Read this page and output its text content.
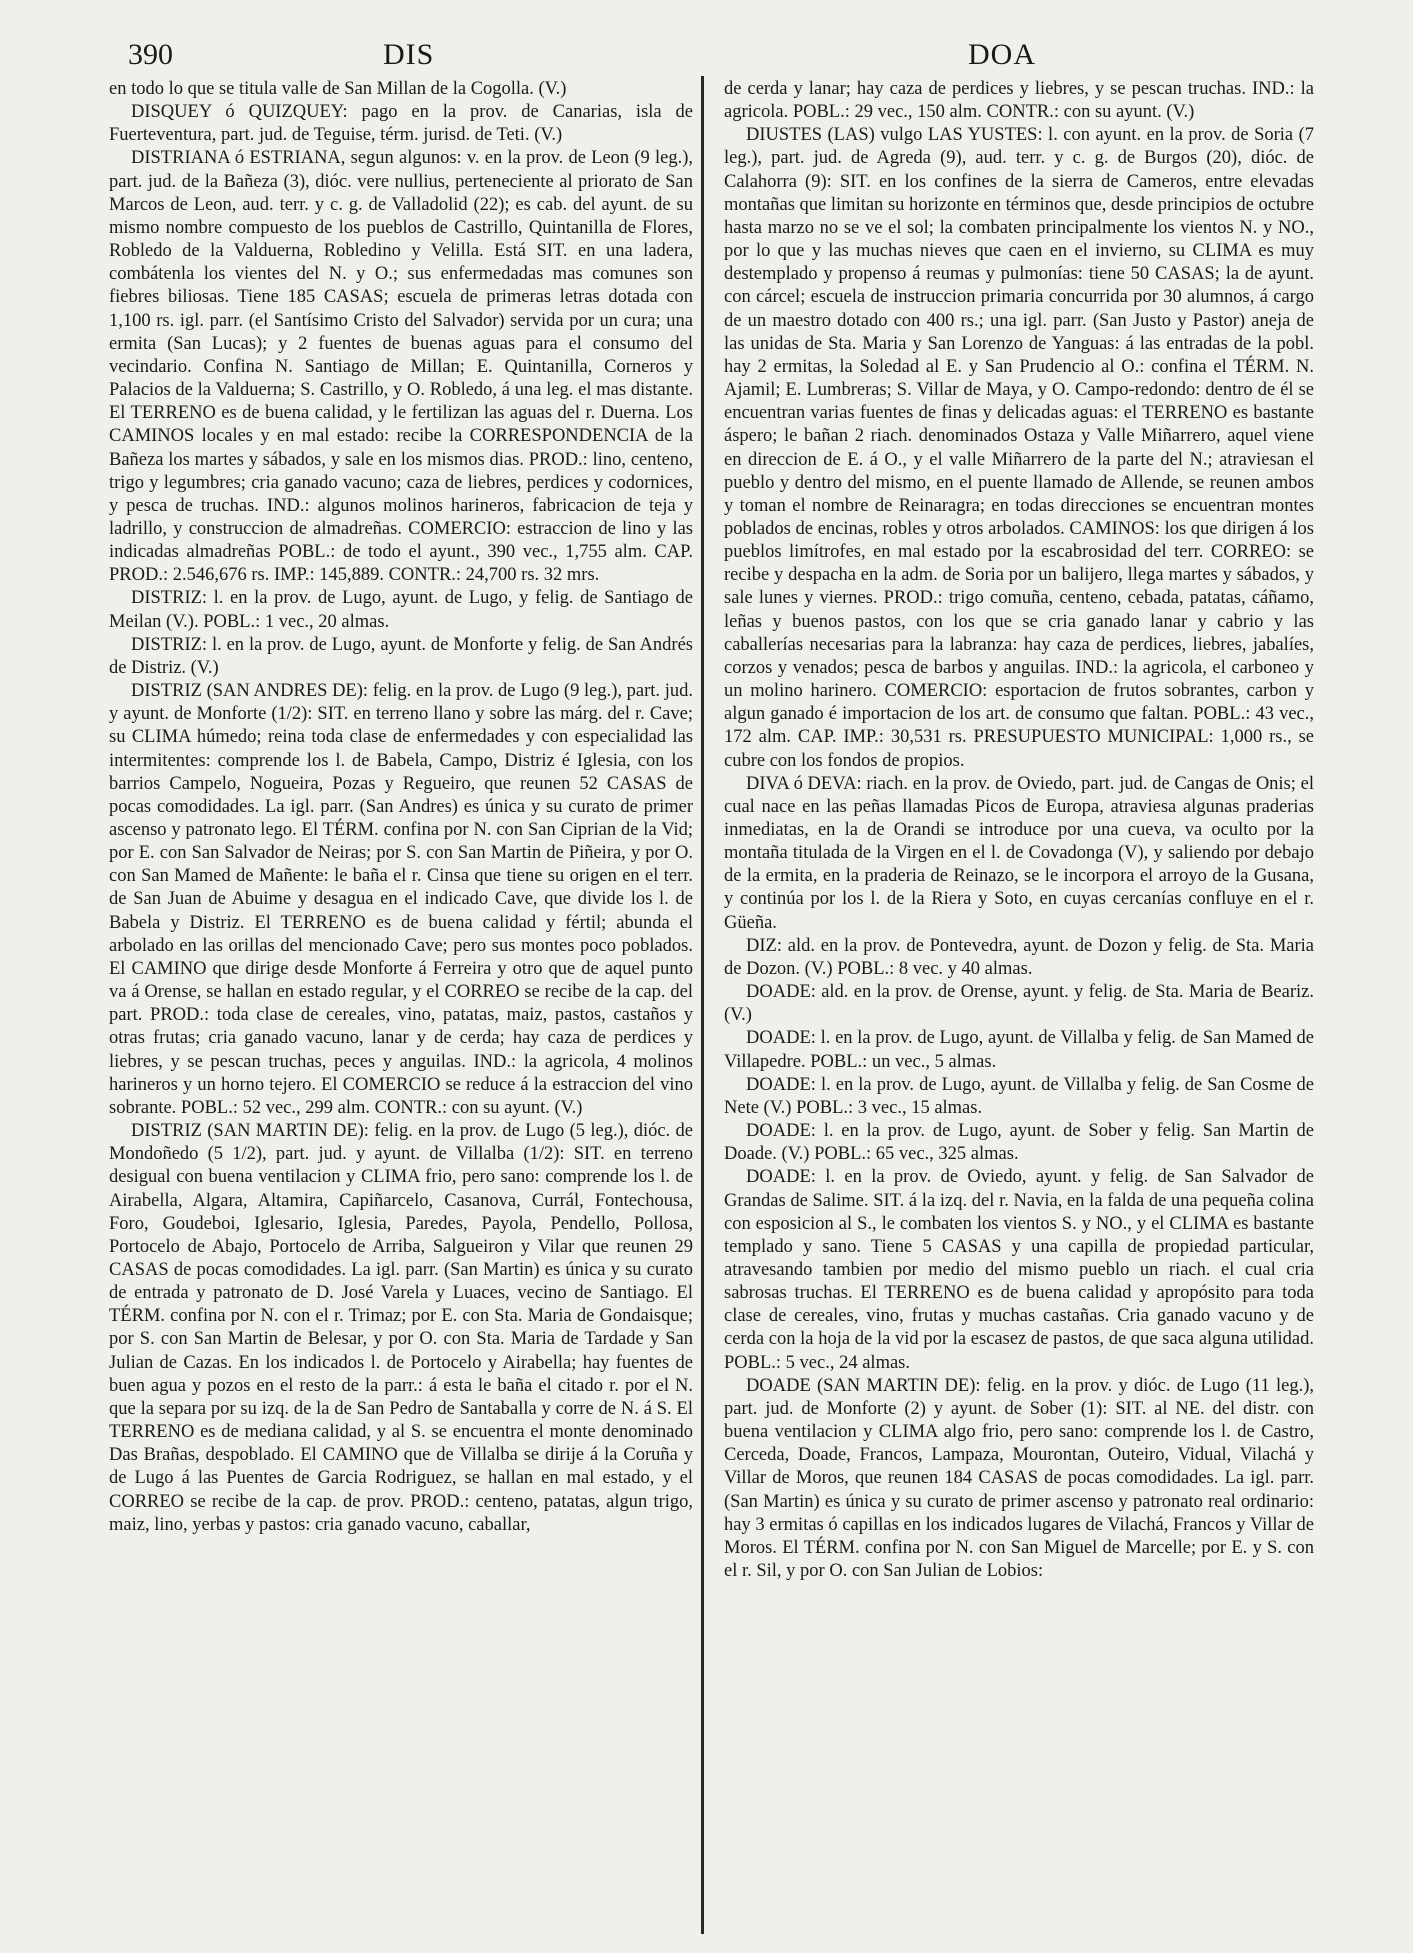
390	DIS	DOA

en todo lo que se titula valle de San Millan de la Cogolla. (V.)

DISQUEY ó QUIZQUEY: pago en la prov. de Canarias, isla de Fuerteventura, part. jud. de Teguise, térm. jurisd. de Teti. (V.)

DISTRIANA ó ESTRIANA, segun algunos: v. en la prov. de Leon (9 leg.), part. jud. de la Bañeza (3), dióc. vere nullius, perteneciente al priorato de San Marcos de Leon, aud. terr. y c. g. de Valladolid (22); es cab. del ayunt. de su mismo nombre compuesto de los pueblos de Castrillo, Quintanilla de Flores, Robledo de la Valduerna, Robledino y Velilla. Está SIT. en una ladera, combátenla los vientes del N. y O.; sus enfermedadas mas comunes son fiebres biliosas. Tiene 185 CASAS; escuela de primeras letras dotada con 1,100 rs. igl. parr. (el Santísimo Cristo del Salvador) servida por un cura; una ermita (San Lucas); y 2 fuentes de buenas aguas para el consumo del vecindario. Confina N. Santiago de Millan; E. Quintanilla, Corneros y Palacios de la Valduerna; S. Castrillo, y O. Robledo, á una leg. el mas distante. El TERRENO es de buena calidad, y le fertilizan las aguas del r. Duerna. Los CAMINOS locales y en mal estado: recibe la CORRESPONDENCIA de la Bañeza los martes y sábados, y sale en los mismos dias. PROD.: lino, centeno, trigo y legumbres; cria ganado vacuno; caza de liebres, perdices y codornices, y pesca de truchas. IND.: algunos molinos harineros, fabricacion de teja y ladrillo, y construccion de almadreñas. COMERCIO: estraccion de lino y las indicadas almadreñas POBL.: de todo el ayunt., 390 vec., 1,755 alm. CAP. PROD.: 2.546,676 rs. IMP.: 145,889. CONTR.: 24,700 rs. 32 mrs.

DISTRIZ: l. en la prov. de Lugo, ayunt. de Lugo, y felig. de Santiago de Meilan (V.). POBL.: 1 vec., 20 almas.

DISTRIZ: l. en la prov. de Lugo, ayunt. de Monforte y felig. de San Andrés de Distriz. (V.)

DISTRIZ (SAN ANDRES DE): felig. en la prov. de Lugo (9 leg.), part. jud. y ayunt. de Monforte (1/2): SIT. en terreno llano y sobre las márg. del r. Cave; su CLIMA húmedo; reina toda clase de enfermedades y con especialidad las intermitentes: comprende los l. de Babela, Campo, Distriz é Iglesia, con los barrios Campelo, Nogueira, Pozas y Regueiro, que reunen 52 CASAS de pocas comodidades. La igl. parr. (San Andres) es única y su curato de primer ascenso y patronato lego. El TÉRM. confina por N. con San Ciprian de la Vid; por E. con San Salvador de Neiras; por S. con San Martin de Piñeira, y por O. con San Mamed de Mañente: le baña el r. Cinsa que tiene su origen en el terr. de San Juan de Abuime y desagua en el indicado Cave, que divide los l. de Babela y Distriz. El TERRENO es de buena calidad y fértil; abunda el arbolado en las orillas del mencionado Cave; pero sus montes poco poblados. El CAMINO que dirige desde Monforte á Ferreira y otro que de aquel punto va á Orense, se hallan en estado regular, y el CORREO se recibe de la cap. del part. PROD.: toda clase de cereales, vino, patatas, maiz, pastos, castaños y otras frutas; cria ganado vacuno, lanar y de cerda; hay caza de perdices y liebres, y se pescan truchas, peces y anguilas. IND.: la agricola, 4 molinos harineros y un horno tejero. El COMERCIO se reduce á la estraccion del vino sobrante. POBL.: 52 vec., 299 alm. CONTR.: con su ayunt. (V.)

DISTRIZ (SAN MARTIN DE): felig. en la prov. de Lugo (5 leg.), dióc. de Mondoñedo (5 1/2), part. jud. y ayunt. de Villalba (1/2): SIT. en terreno desigual con buena ventilacion y CLIMA frio, pero sano: comprende los l. de Airabella, Algara, Altamira, Capiñarcelo, Casanova, Currál, Fontechousa, Foro, Goudeboi, Iglesario, Iglesia, Paredes, Payola, Pendello, Pollosa, Portocelo de Abajo, Portocelo de Arriba, Salgueiron y Vilar que reunen 29 CASAS de pocas comodidades. La igl. parr. (San Martin) es única y su curato de entrada y patronato de D. José Varela y Luaces, vecino de Santiago. El TÉRM. confina por N. con el r. Trimaz; por E. con Sta. Maria de Gondaisque; por S. con San Martin de Belesar, y por O. con Sta. Maria de Tardade y San Julian de Cazas. En los indicados l. de Portocelo y Airabella; hay fuentes de buen agua y pozos en el resto de la parr.: á esta le baña el citado r. por el N. que la separa por su izq. de la de San Pedro de Santaballa y corre de N. á S. El TERRENO es de mediana calidad, y al S. se encuentra el monte denominado Das Brañas, despoblado. El CAMINO que de Villalba se dirije á la Coruña y de Lugo á las Puentes de Garcia Rodriguez, se hallan en mal estado, y el CORREO se recibe de la cap. de prov. PROD.: centeno, patatas, algun trigo, maiz, lino, yerbas y pastos: cria ganado vacuno, caballar,

de cerda y lanar; hay caza de perdices y liebres, y se pescan truchas. IND.: la agricola. POBL.: 29 vec., 150 alm. CONTR.: con su ayunt. (V.)

DIUSTES (LAS) vulgo LAS YUSTES: l. con ayunt. en la prov. de Soria (7 leg.), part. jud. de Agreda (9), aud. terr. y c. g. de Burgos (20), dióc. de Calahorra (9): SIT. en los confines de la sierra de Cameros, entre elevadas montañas que limitan su horizonte en términos que, desde principios de octubre hasta marzo no se ve el sol; la combaten principalmente los vientos N. y NO., por lo que y las muchas nieves que caen en el invierno, su CLIMA es muy destemplado y propenso á reumas y pulmonías: tiene 50 CASAS; la de ayunt. con cárcel; escuela de instruccion primaria concurrida por 30 alumnos, á cargo de un maestro dotado con 400 rs.; una igl. parr. (San Justo y Pastor) aneja de las unidas de Sta. Maria y San Lorenzo de Yanguas: á las entradas de la pobl. hay 2 ermitas, la Soledad al E. y San Prudencio al O.: confina el TÉRM. N. Ajamil; E. Lumbreras; S. Villar de Maya, y O. Campo-redondo: dentro de él se encuentran varias fuentes de finas y delicadas aguas: el TERRENO es bastante áspero; le bañan 2 riach. denominados Ostaza y Valle Miñarrero, aquel viene en direccion de E. á O., y el valle Miñarrero de la parte del N.; atraviesan el pueblo y dentro del mismo, en el puente llamado de Allende, se reunen ambos y toman el nombre de Reinaragra; en todas direcciones se encuentran montes poblados de encinas, robles y otros arbolados. CAMINOS: los que dirigen á los pueblos limítrofes, en mal estado por la escabrosidad del terr. CORREO: se recibe y despacha en la adm. de Soria por un balijero, llega martes y sábados, y sale lunes y viernes. PROD.: trigo comuña, centeno, cebada, patatas, cáñamo, leñas y buenos pastos, con los que se cria ganado lanar y cabrio y las caballerías necesarias para la labranza: hay caza de perdices, liebres, jabalíes, corzos y venados; pesca de barbos y anguilas. IND.: la agricola, el carboneo y un molino harinero. COMERCIO: esportacion de frutos sobrantes, carbon y algun ganado é importacion de los art. de consumo que faltan. POBL.: 43 vec., 172 alm. CAP. IMP.: 30,531 rs. PRESUPUESTO MUNICIPAL: 1,000 rs., se cubre con los fondos de propios.

DIVA ó DEVA: riach. en la prov. de Oviedo, part. jud. de Cangas de Onis; el cual nace en las peñas llamadas Picos de Europa, atraviesa algunas praderias inmediatas, en la de Orandi se introduce por una cueva, va oculto por la montaña titulada de la Virgen en el l. de Covadonga (V), y saliendo por debajo de la ermita, en la praderia de Reinazo, se le incorpora el arroyo de la Gusana, y continúa por los l. de la Riera y Soto, en cuyas cercanías confluye en el r. Güeña.

DIZ: ald. en la prov. de Pontevedra, ayunt. de Dozon y felig. de Sta. Maria de Dozon. (V.) POBL.: 8 vec. y 40 almas.

DOADE: ald. en la prov. de Orense, ayunt. y felig. de Sta. Maria de Beariz. (V.)

DOADE: l. en la prov. de Lugo, ayunt. de Villalba y felig. de San Mamed de Villapedre. POBL.: un vec., 5 almas.

DOADE: l. en la prov. de Lugo, ayunt. de Villalba y felig. de San Cosme de Nete (V.) POBL.: 3 vec., 15 almas.

DOADE: l. en la prov. de Lugo, ayunt. de Sober y felig. San Martin de Doade. (V.) POBL.: 65 vec., 325 almas.

DOADE: l. en la prov. de Oviedo, ayunt. y felig. de San Salvador de Grandas de Salime. SIT. á la izq. del r. Navia, en la falda de una pequeña colina con esposicion al S., le combaten los vientos S. y NO., y el CLIMA es bastante templado y sano. Tiene 5 CASAS y una capilla de propiedad particular, atravesando tambien por medio del mismo pueblo un riach. el cual cria sabrosas truchas. El TERRENO es de buena calidad y apropósito para toda clase de cereales, vino, frutas y muchas castañas. Cria ganado vacuno y de cerda con la hoja de la vid por la escasez de pastos, de que saca alguna utilidad. POBL.: 5 vec., 24 almas.

DOADE (SAN MARTIN DE): felig. en la prov. y dióc. de Lugo (11 leg.), part. jud. de Monforte (2) y ayunt. de Sober (1): SIT. al NE. del distr. con buena ventilacion y CLIMA algo frio, pero sano: comprende los l. de Castro, Cerceda, Doade, Francos, Lampaza, Mourontan, Outeiro, Vidual, Vilachá y Villar de Moros, que reunen 184 CASAS de pocas comodidades. La igl. parr. (San Martin) es única y su curato de primer ascenso y patronato real ordinario: hay 3 ermitas ó capillas en los indicados lugares de Vilachá, Francos y Villar de Moros. El TÉRM. confina por N. con San Miguel de Marcelle; por E. y S. con el r. Sil, y por O. con San Julian de Lobios:
